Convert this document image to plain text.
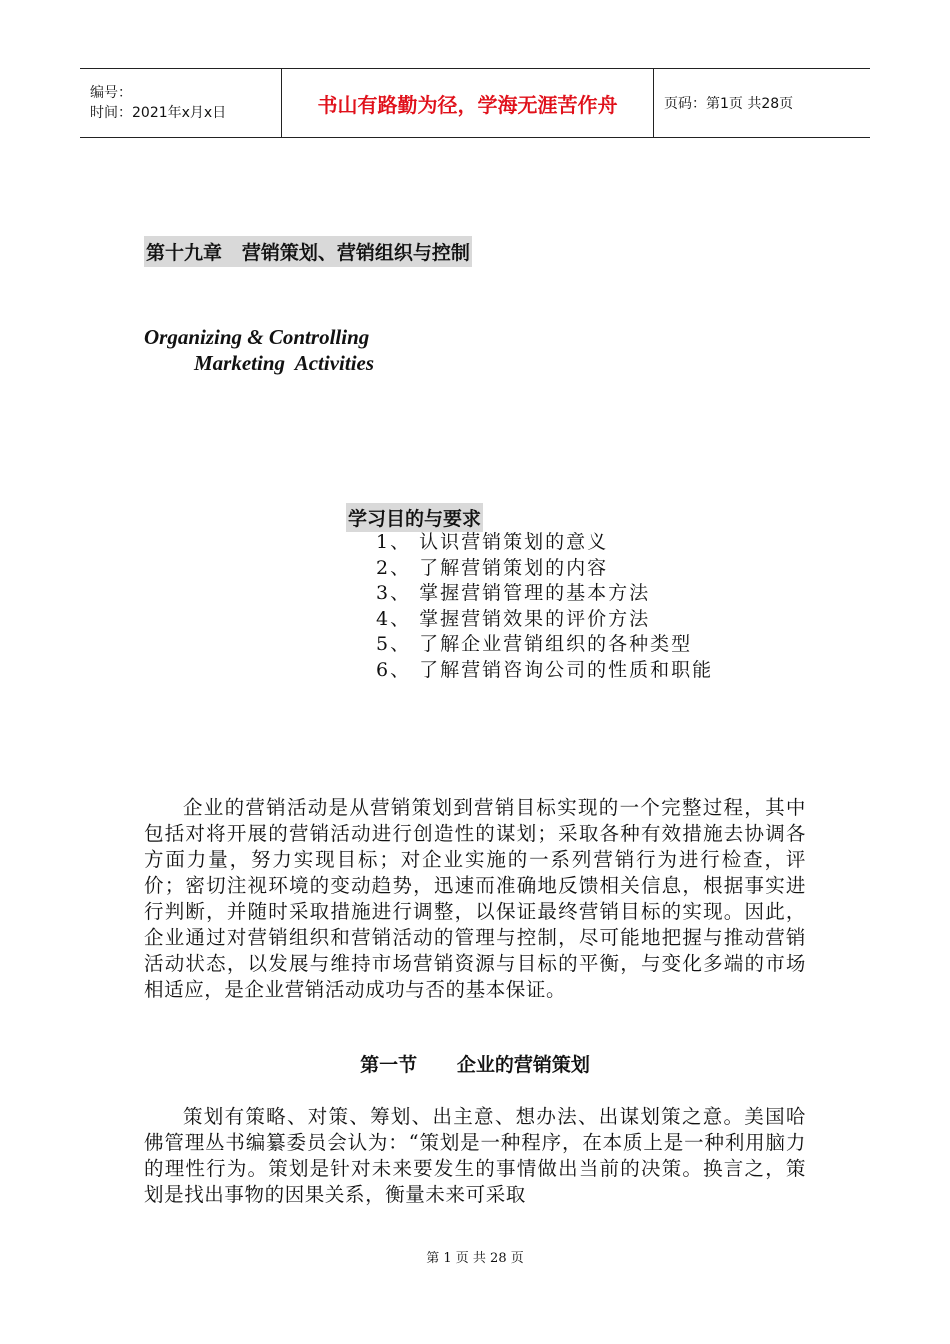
编号：
时间：2021年x月x日	书山有路勤为径，学海无涯苦作舟	页码：第1页 共28页
第十九章   营销策划、营销组织与控制
Organizing & Controlling
Marketing  Activities
学习目的与要求
1、 认识营销策划的意义
2、 了解营销策划的内容
3、 掌握营销管理的基本方法
4、 掌握营销效果的评价方法
5、 了解企业营销组织的各种类型
6、 了解营销咨询公司的性质和职能

企业的营销活动是从营销策划到营销目标实现的一个完整过程，其中包括对将开展的营销活动进行创造性的谋划；采取各种有效措施去协调各方面力量，努力实现目标；对企业实施的一系列营销行为进行检查，评价；密切注视环境的变动趋势，迅速而准确地反馈相关信息，根据事实进行判断，并随时采取措施进行调整，以保证最终营销目标的实现。因此，企业通过对营销组织和营销活动的管理与控制，尽可能地把握与推动营销活动状态，以发展与维持市场营销资源与目标的平衡，与变化多端的市场相适应，是企业营销活动成功与否的基本保证。

第一节      企业的营销策划

策划有策略、对策、筹划、出主意、想办法、出谋划策之意。美国哈佛管理丛书编纂委员会认为：“策划是一种程序，在本质上是一种利用脑力的理性行为。策划是针对未来要发生的事情做出当前的决策。换言之，策划是找出事物的因果关系，衡量未来可采取

第 1 页 共 28 页
